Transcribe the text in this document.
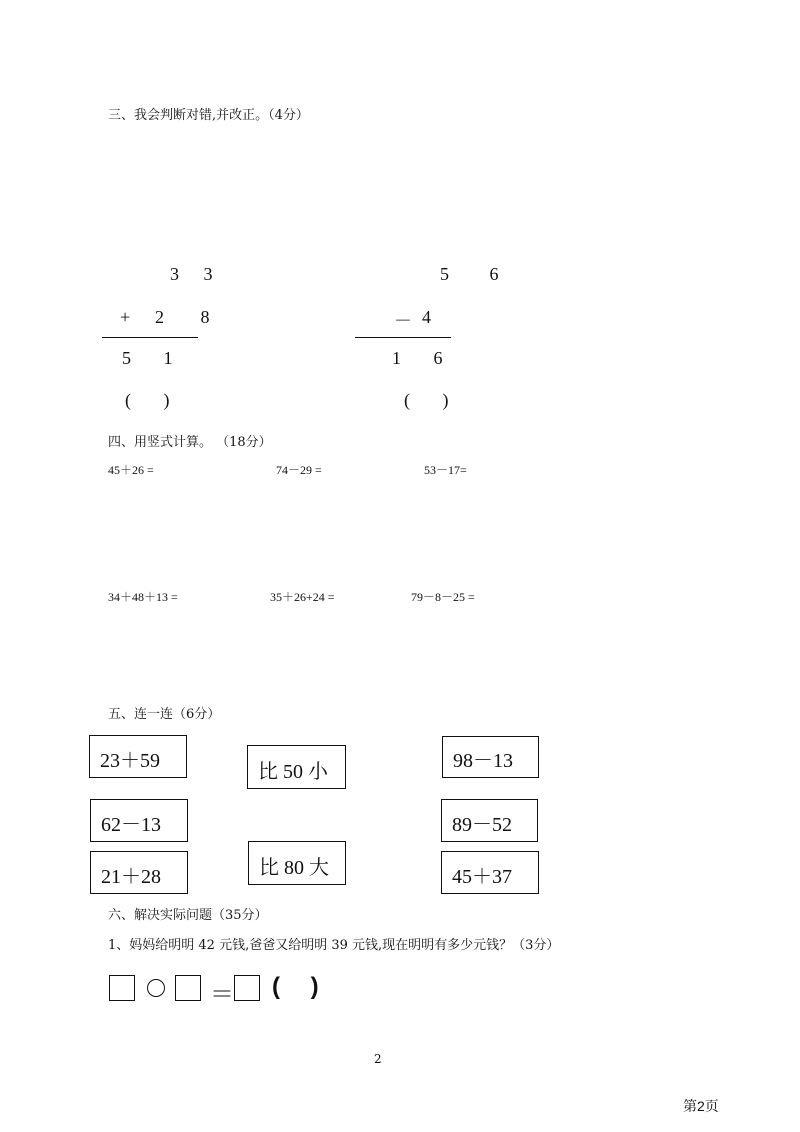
三、我会判断对错,并改正。（4分）
3 3
+ 2 8
5 1
( )
5 6
－ 4
1 6
( )
四、用竖式计算。 （18分）
45＋26 =	74－29 =	53－17=
34＋48＋13 =	35＋26+24 =	79－8－25 =
五、连一连（6分）
23＋59
62－13
21＋28
比 50 小
比 80 大
98－13
89－52
45＋37
六、解决实际问题（35分）
1、妈妈给明明 42 元钱,爸爸又给明明 39 元钱,现在明明有多少元钱？（3分）
＝ ( )
2
第2页
